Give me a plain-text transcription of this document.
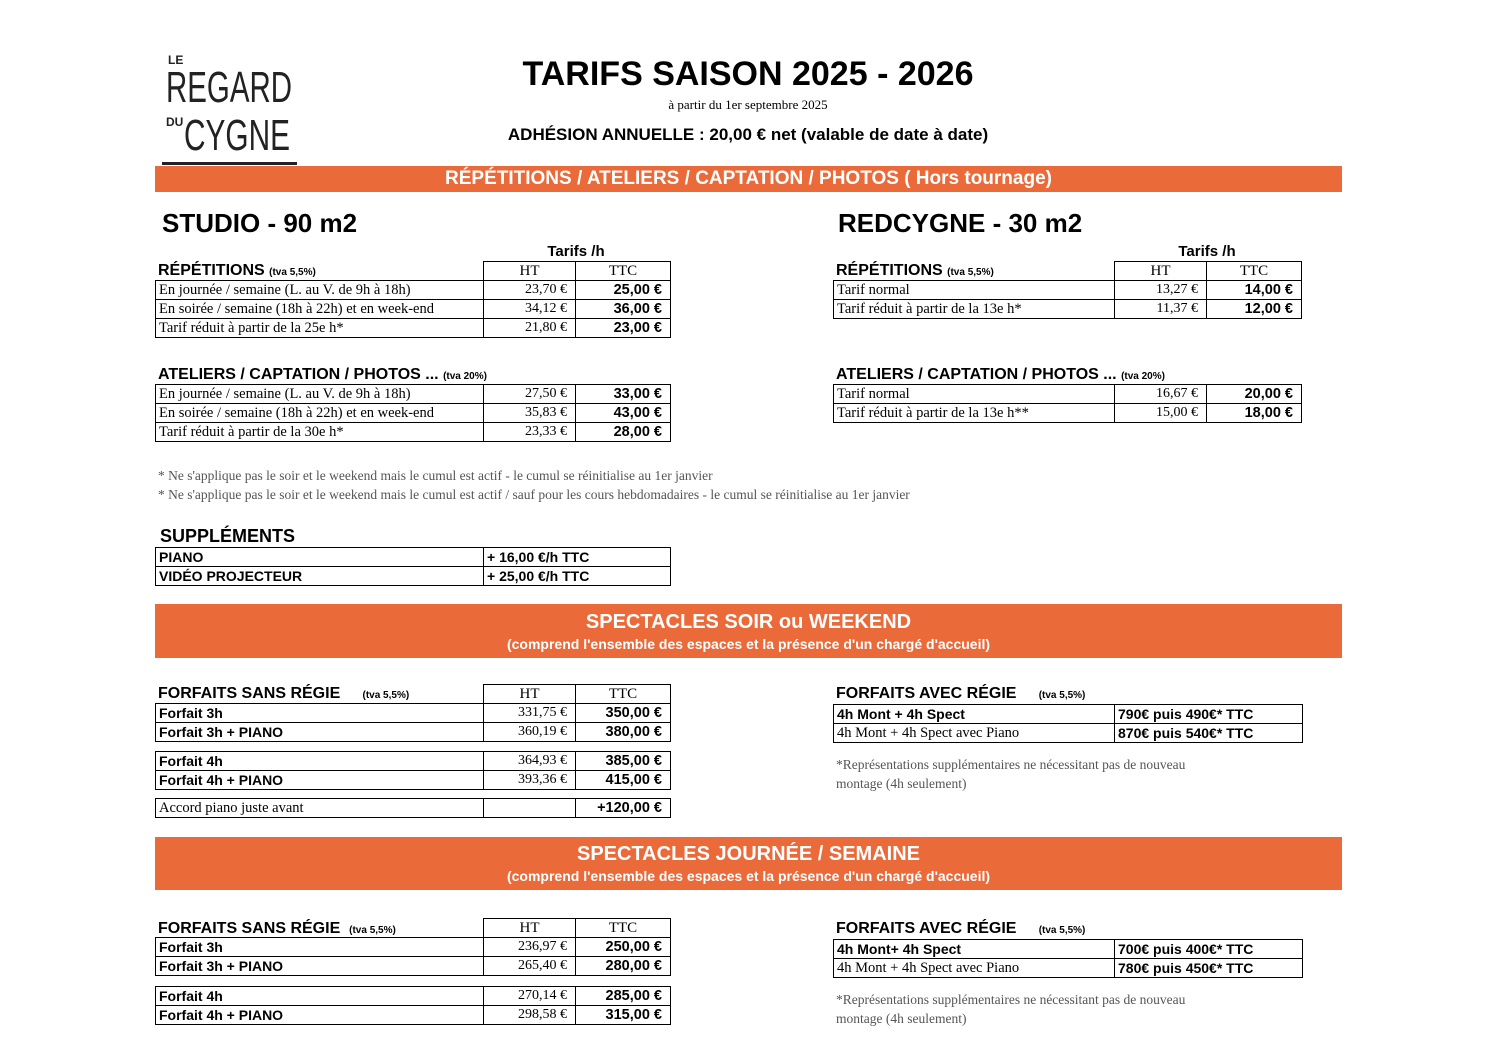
LE
REGARD
DU CYGNE
TARIFS SAISON 2025 - 2026
à partir du 1er septembre 2025
ADHÉSION ANNUELLE : 20,00 € net (valable de date à date)
RÉPÉTITIONS / ATELIERS / CAPTATION / PHOTOS ( Hors tournage)
STUDIO - 90 m2
Tarifs /h
RÉPÉTITIONS (tva 5,5%)
		HT	TTC
En journée / semaine (L. au V. de 9h à 18h)	23,70 €	25,00 €
En soirée / semaine (18h à 22h) et en week-end	34,12 €	36,00 €
Tarif réduit à partir de la 25e h*	21,80 €	23,00 €
ATELIERS / CAPTATION / PHOTOS ... (tva 20%)
En journée / semaine (L. au V. de 9h à 18h)	27,50 €	33,00 €
En soirée / semaine (18h à 22h) et en week-end	35,83 €	43,00 €
Tarif réduit à partir de la 30e h*	23,33 €	28,00 €
REDCYGNE - 30 m2
Tarifs /h
RÉPÉTITIONS (tva 5,5%)
		HT	TTC
Tarif normal	13,27 €	14,00 €
Tarif réduit à partir de la 13e h*	11,37 €	12,00 €
ATELIERS / CAPTATION / PHOTOS ... (tva 20%)
Tarif normal	16,67 €	20,00 €
Tarif réduit à partir de la 13e h**	15,00 €	18,00 €
* Ne s'applique pas le soir et le weekend mais le cumul est actif - le cumul se réinitialise au 1er janvier
* Ne s'applique pas le soir et le weekend mais le cumul est actif / sauf pour les cours hebdomadaires - le cumul se réinitialise au 1er janvier
SUPPLÉMENTS
PIANO	+ 16,00 €/h TTC
VIDÉO PROJECTEUR	+ 25,00 €/h TTC
SPECTACLES SOIR ou WEEKEND
(comprend l'ensemble des espaces et la présence d'un chargé d'accueil)
FORFAITS SANS RÉGIE (tva 5,5%)
		HT	TTC
Forfait 3h	331,75 €	350,00 €
Forfait 3h + PIANO	360,19 €	380,00 €
Forfait 4h	364,93 €	385,00 €
Forfait 4h + PIANO	393,36 €	415,00 €
Accord piano juste avant		+120,00 €
FORFAITS AVEC RÉGIE (tva 5,5%)
4h Mont + 4h Spect	790€ puis 490€* TTC
4h Mont + 4h Spect avec Piano	870€ puis 540€* TTC
*Représentations supplémentaires ne nécessitant pas de nouveau montage (4h seulement)
SPECTACLES JOURNÉE / SEMAINE
(comprend l'ensemble des espaces et la présence d'un chargé d'accueil)
FORFAITS SANS RÉGIE (tva 5,5%)
		HT	TTC
Forfait 3h	236,97 €	250,00 €
Forfait 3h + PIANO	265,40 €	280,00 €
Forfait 4h	270,14 €	285,00 €
Forfait 4h + PIANO	298,58 €	315,00 €
FORFAITS AVEC RÉGIE (tva 5,5%)
4h Mont+ 4h Spect	700€ puis 400€* TTC
4h Mont + 4h Spect avec Piano	780€ puis 450€* TTC
*Représentations supplémentaires ne nécessitant pas de nouveau montage (4h seulement)
